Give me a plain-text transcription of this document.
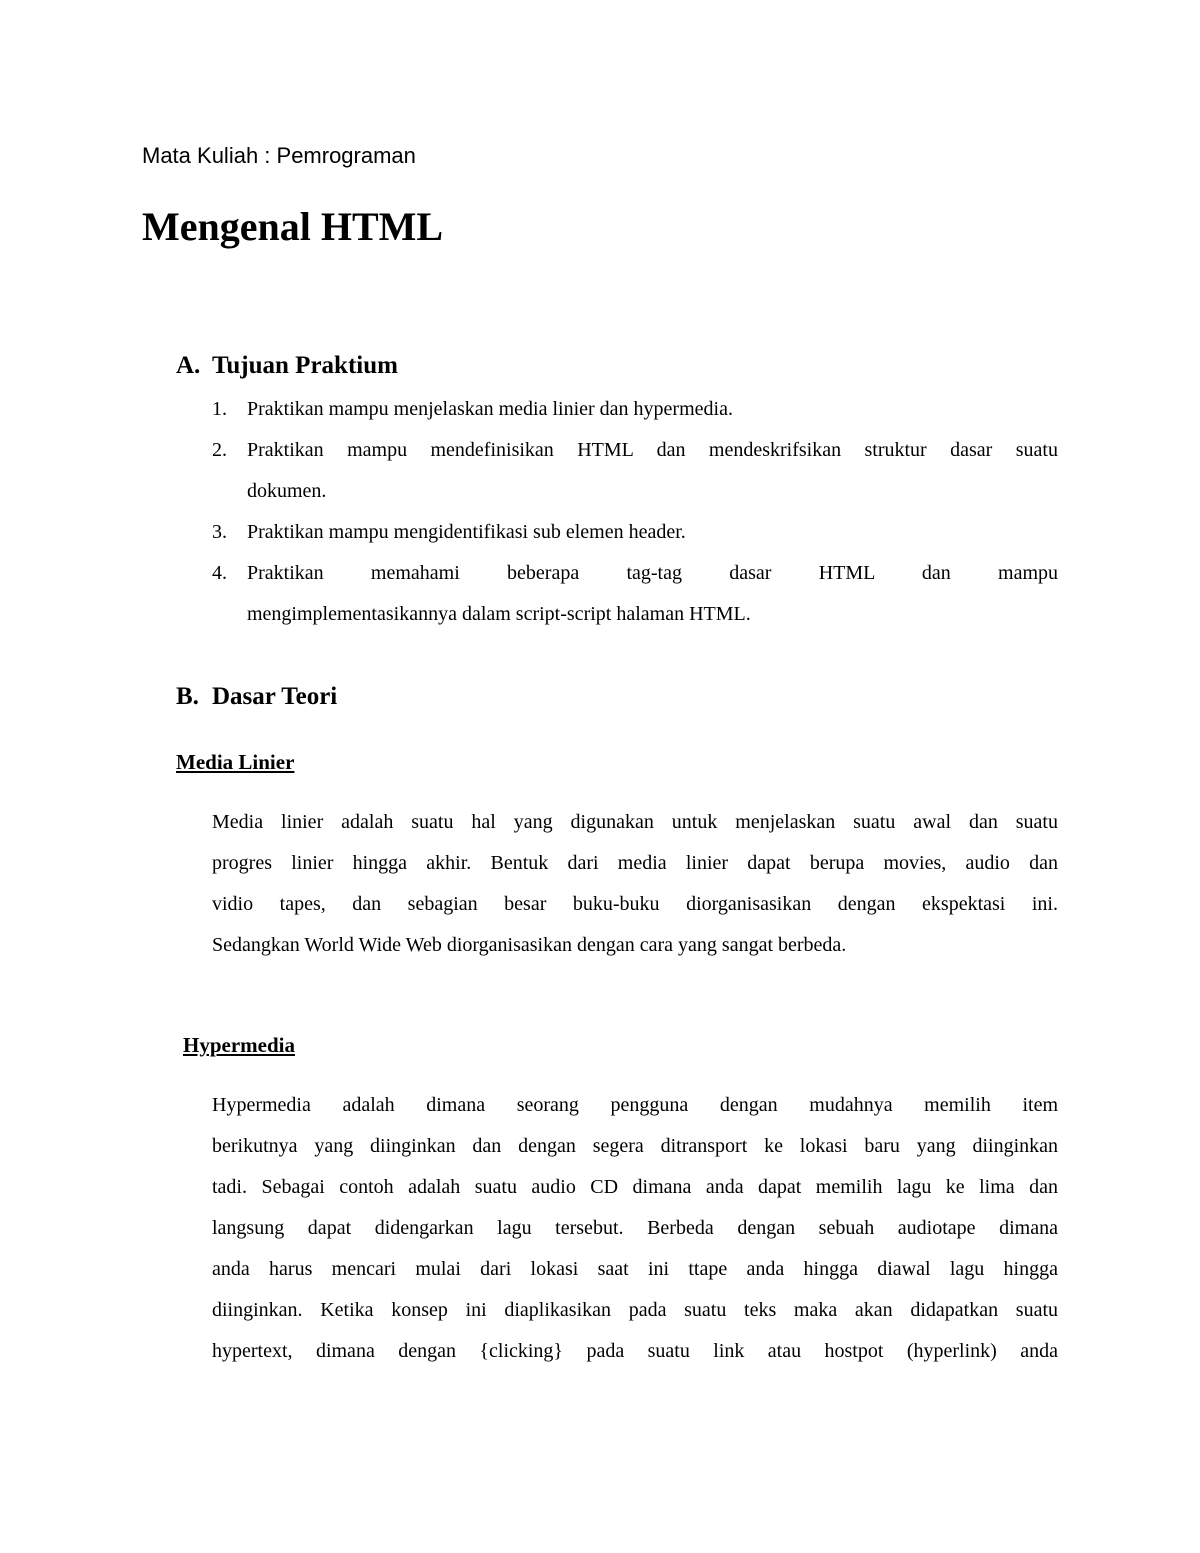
Mata Kuliah : Pemrograman
Mengenal HTML
A. Tujuan Praktium
1. Praktikan mampu menjelaskan media linier dan hypermedia.
2. Praktikan mampu mendefinisikan HTML dan mendeskrifsikan struktur dasar suatu
dokumen.
3. Praktikan mampu mengidentifikasi sub elemen header.
4. Praktikan memahami beberapa tag-tag dasar HTML dan mampu
mengimplementasikannya dalam script-script halaman HTML.
B. Dasar Teori
Media Linier

Media linier adalah suatu hal yang digunakan untuk menjelaskan suatu awal dan suatu
progres linier hingga akhir. Bentuk dari media linier dapat berupa movies, audio dan
vidio tapes, dan sebagian besar buku-buku diorganisasikan dengan ekspektasi ini.
Sedangkan World Wide Web diorganisasikan dengan cara yang sangat berbeda.

Hypermedia

Hypermedia adalah dimana seorang pengguna dengan mudahnya memilih item
berikutnya yang diinginkan dan dengan segera ditransport ke lokasi baru yang diinginkan
tadi. Sebagai contoh adalah suatu audio CD dimana anda dapat memilih lagu ke lima dan
langsung dapat didengarkan lagu tersebut. Berbeda dengan sebuah audiotape dimana
anda harus mencari mulai dari lokasi saat ini ttape anda hingga diawal lagu hingga
diinginkan. Ketika konsep ini diaplikasikan pada suatu teks maka akan didapatkan suatu
hypertext, dimana dengan {clicking} pada suatu link atau hostpot (hyperlink) anda
